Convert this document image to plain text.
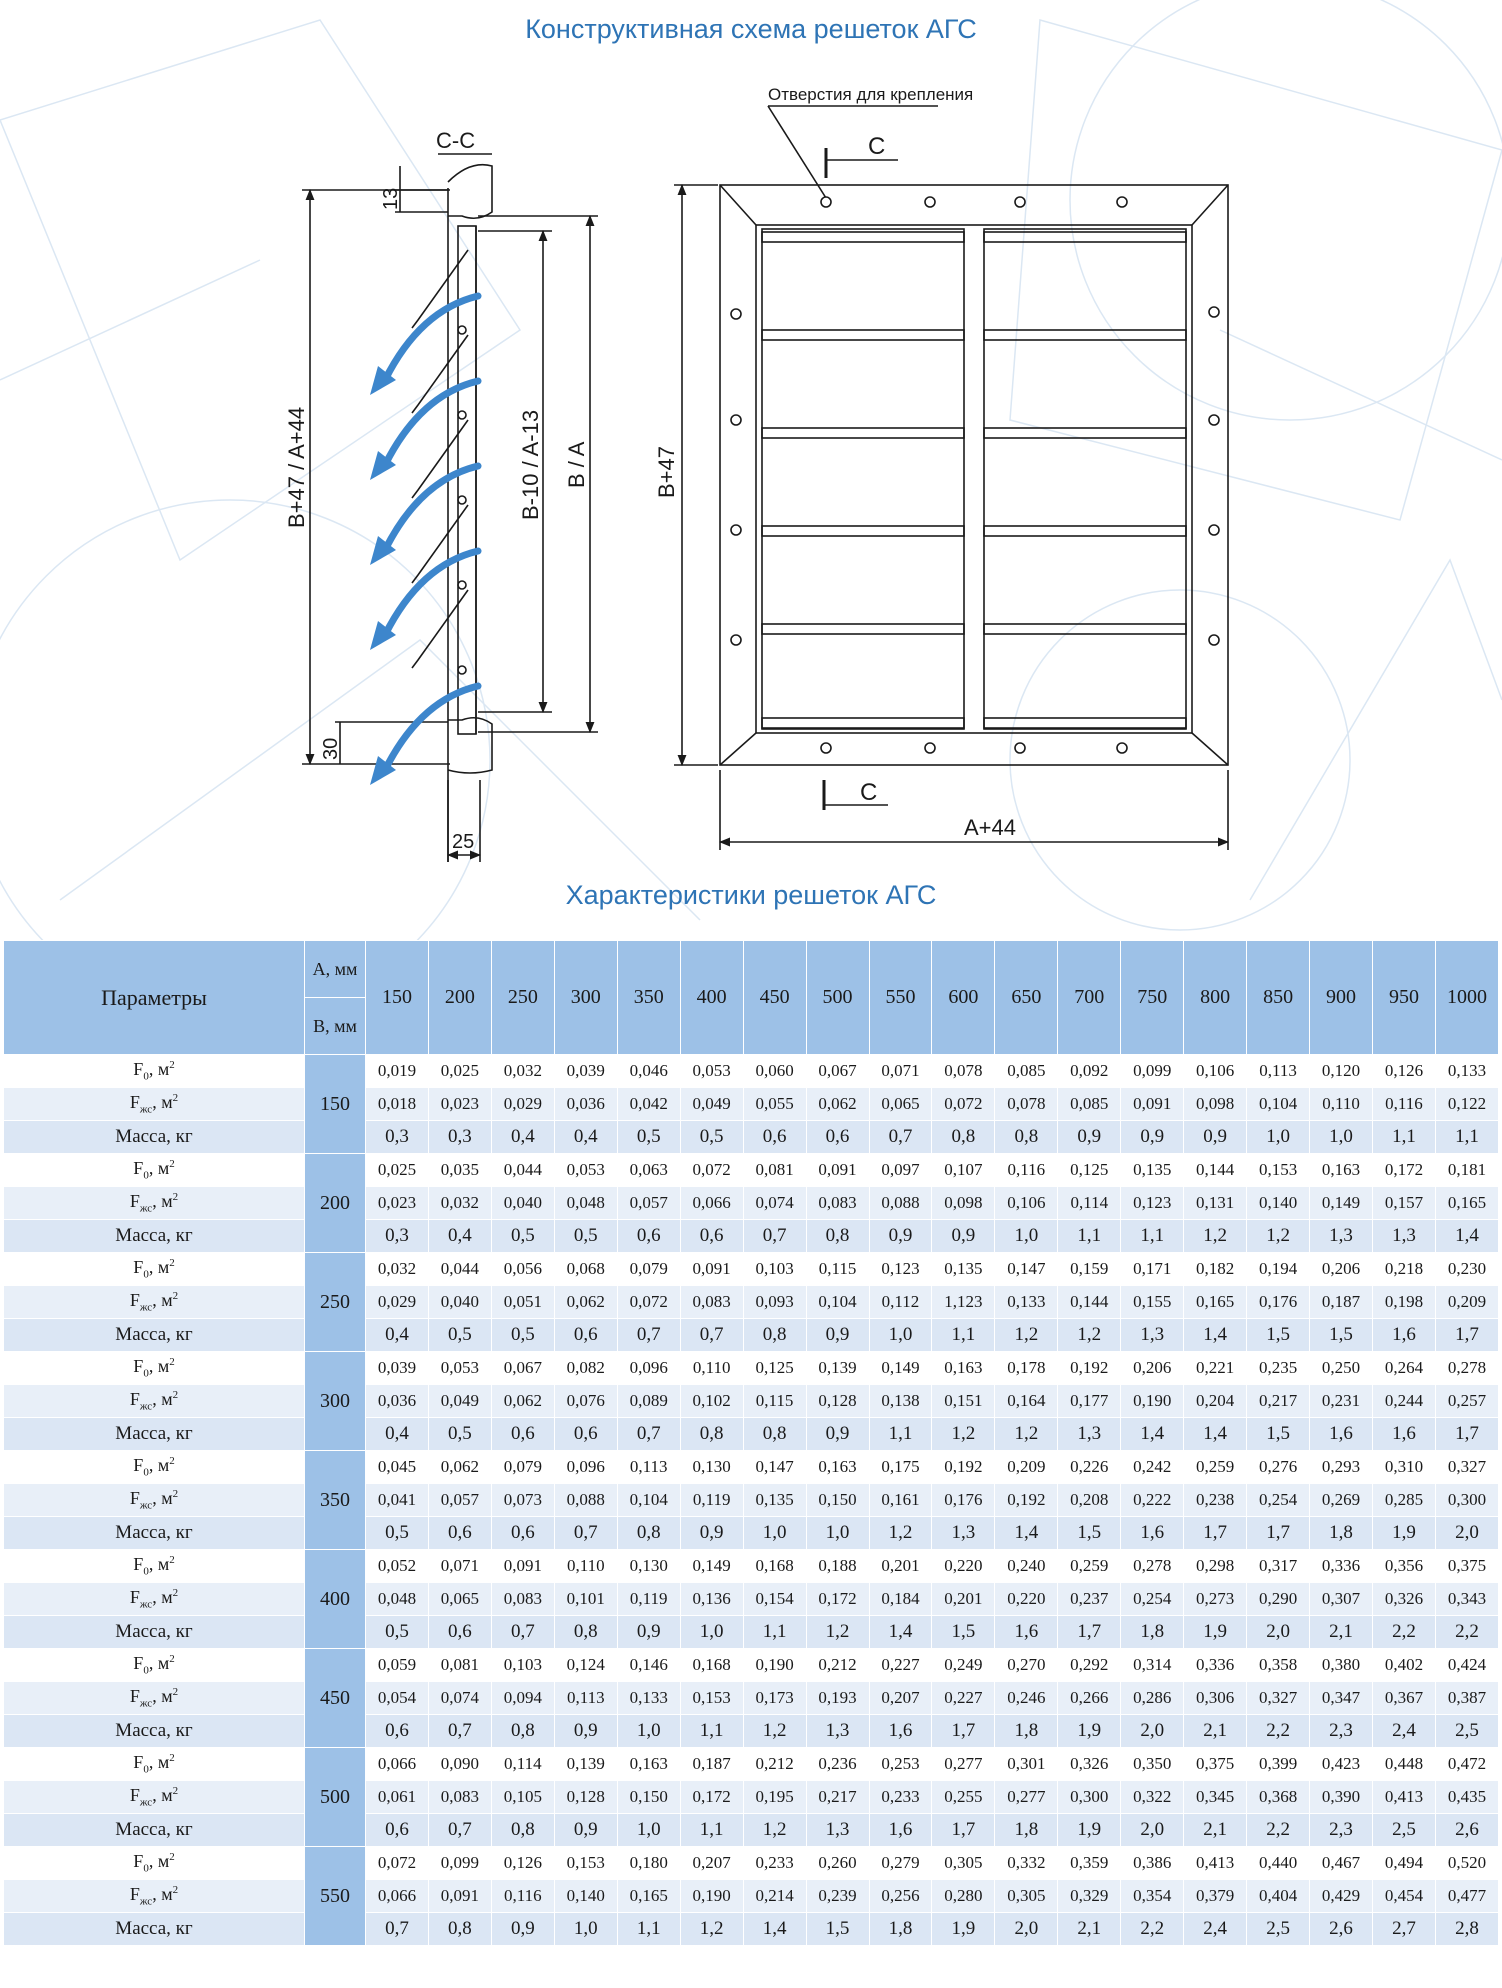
Конструктивная схема решеток АГС
С-С
13
30
25
B+47 / A+44	B-10 / A-13 B / A
Отверстия для крепления
С
С
B+47
A+44
Характеристики решеток АГС
Параметры	А, мм	150	200	250	300	350	400	450	500	550	600	650	700	750	800	850	900	950	1000
	В, мм																		
$F_0$, $м^2$	150	0,019	0,025	0,032	0,039	0,046	0,053	0,060	0,067	0,071	0,078	0,085	0,092	0,099	0,106	0,113	0,120	0,126	0,133
$F_{жс}$, $м^2$		0,018	0,023	0,029	0,036	0,042	0,049	0,055	0,062	0,065	0,072	0,078	0,085	0,091	0,098	0,104	0,110	0,116	0,122
Масса, кг		0,3	0,3	0,4	0,4	0,5	0,5	0,6	0,6	0,7	0,8	0,8	0,9	0,9	0,9	1,0	1,0	1,1	1,1
$F_0$, $м^2$	200	0,025	0,035	0,044	0,053	0,063	0,072	0,081	0,091	0,097	0,107	0,116	0,125	0,135	0,144	0,153	0,163	0,172	0,181
$F_{жс}$, $м^2$		0,023	0,032	0,040	0,048	0,057	0,066	0,074	0,083	0,088	0,098	0,106	0,114	0,123	0,131	0,140	0,149	0,157	0,165
Масса, кг		0,3	0,4	0,5	0,5	0,6	0,6	0,7	0,8	0,9	0,9	1,0	1,1	1,1	1,2	1,2	1,3	1,3	1,4
$F_0$, $м^2$	250	0,032	0,044	0,056	0,068	0,079	0,091	0,103	0,115	0,123	0,135	0,147	0,159	0,171	0,182	0,194	0,206	0,218	0,230
$F_{жс}$, $м^2$		0,029	0,040	0,051	0,062	0,072	0,083	0,093	0,104	0,112	1,123	0,133	0,144	0,155	0,165	0,176	0,187	0,198	0,209
Масса, кг		0,4	0,5	0,5	0,6	0,7	0,7	0,8	0,9	1,0	1,1	1,2	1,2	1,3	1,4	1,5	1,5	1,6	1,7
$F_0$, $м^2$	300	0,039	0,053	0,067	0,082	0,096	0,110	0,125	0,139	0,149	0,163	0,178	0,192	0,206	0,221	0,235	0,250	0,264	0,278
$F_{жс}$, $м^2$		0,036	0,049	0,062	0,076	0,089	0,102	0,115	0,128	0,138	0,151	0,164	0,177	0,190	0,204	0,217	0,231	0,244	0,257
Масса, кг		0,4	0,5	0,6	0,6	0,7	0,8	0,8	0,9	1,1	1,2	1,2	1,3	1,4	1,4	1,5	1,6	1,6	1,7
$F_0$, $м^2$	350	0,045	0,062	0,079	0,096	0,113	0,130	0,147	0,163	0,175	0,192	0,209	0,226	0,242	0,259	0,276	0,293	0,310	0,327
$F_{жс}$, $м^2$		0,041	0,057	0,073	0,088	0,104	0,119	0,135	0,150	0,161	0,176	0,192	0,208	0,222	0,238	0,254	0,269	0,285	0,300
Масса, кг		0,5	0,6	0,6	0,7	0,8	0,9	1,0	1,0	1,2	1,3	1,4	1,5	1,6	1,7	1,7	1,8	1,9	2,0
$F_0$, $м^2$	400	0,052	0,071	0,091	0,110	0,130	0,149	0,168	0,188	0,201	0,220	0,240	0,259	0,278	0,298	0,317	0,336	0,356	0,375
$F_{жс}$, $м^2$		0,048	0,065	0,083	0,101	0,119	0,136	0,154	0,172	0,184	0,201	0,220	0,237	0,254	0,273	0,290	0,307	0,326	0,343
Масса, кг		0,5	0,6	0,7	0,8	0,9	1,0	1,1	1,2	1,4	1,5	1,6	1,7	1,8	1,9	2,0	2,1	2,2	2,2
$F_0$, $м^2$	450	0,059	0,081	0,103	0,124	0,146	0,168	0,190	0,212	0,227	0,249	0,270	0,292	0,314	0,336	0,358	0,380	0,402	0,424
$F_{жс}$, $м^2$		0,054	0,074	0,094	0,113	0,133	0,153	0,173	0,193	0,207	0,227	0,246	0,266	0,286	0,306	0,327	0,347	0,367	0,387
Масса, кг		0,6	0,7	0,8	0,9	1,0	1,1	1,2	1,3	1,6	1,7	1,8	1,9	2,0	2,1	2,2	2,3	2,4	2,5
$F_0$, $м^2$	500	0,066	0,090	0,114	0,139	0,163	0,187	0,212	0,236	0,253	0,277	0,301	0,326	0,350	0,375	0,399	0,423	0,448	0,472
$F_{жс}$, $м^2$		0,061	0,083	0,105	0,128	0,150	0,172	0,195	0,217	0,233	0,255	0,277	0,300	0,322	0,345	0,368	0,390	0,413	0,435
Масса, кг		0,6	0,7	0,8	0,9	1,0	1,1	1,2	1,3	1,6	1,7	1,8	1,9	2,0	2,1	2,2	2,3	2,5	2,6
$F_0$, $м^2$	550	0,072	0,099	0,126	0,153	0,180	0,207	0,233	0,260	0,279	0,305	0,332	0,359	0,386	0,413	0,440	0,467	0,494	0,520
$F_{жс}$, $м^2$		0,066	0,091	0,116	0,140	0,165	0,190	0,214	0,239	0,256	0,280	0,305	0,329	0,354	0,379	0,404	0,429	0,454	0,477
Масса, кг		0,7	0,8	0,9	1,0	1,1	1,2	1,4	1,5	1,8	1,9	2,0	2,1	2,2	2,4	2,5	2,6	2,7	2,8
